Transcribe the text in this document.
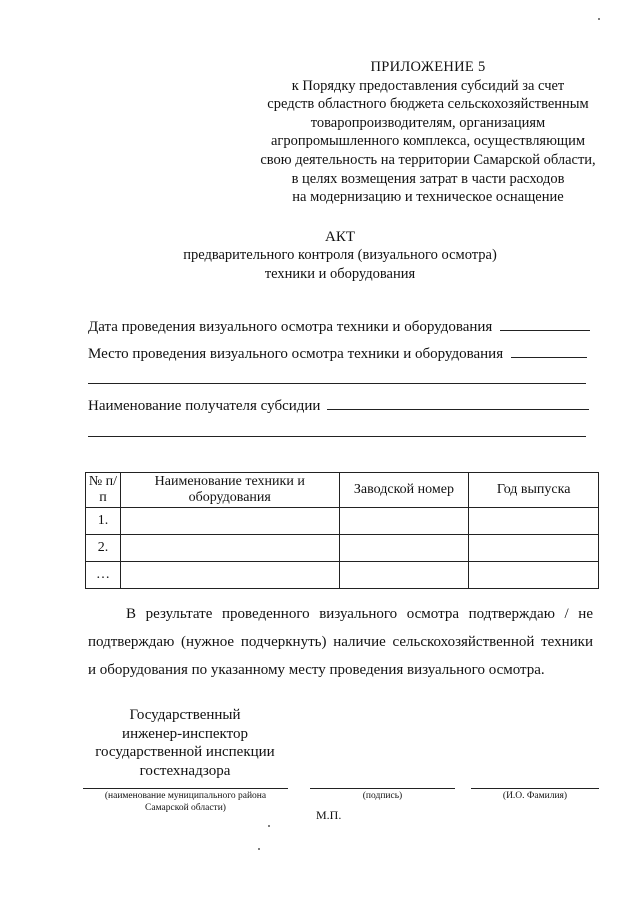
ПРИЛОЖЕНИЕ 5
к Порядку предоставления субсидий за счет
средств областного бюджета сельскохозяйственным
товаропроизводителям, организациям
агропромышленного комплекса, осуществляющим
свою деятельность на территории Самарской области,
в целях возмещения затрат в части расходов
на модернизацию и техническое оснащение
АКТ
предварительного контроля (визуального осмотра)
техники и оборудования
Дата проведения визуального осмотра техники и оборудования
Место проведения визуального осмотра техники и оборудования
Наименование получателя субсидии
№ п/п	Наименование техники и оборудования	Заводской номер	Год выпуска
1.			
2.			
…			
В результате проведенного визуального осмотра подтверждаю / не
подтверждаю (нужное подчеркнуть) наличие сельскохозяйственной техники
и оборудования по указанному месту проведения визуального осмотра.
Государственный
инженер-инспектор
государственной инспекции
гостехнадзора
(наименование муниципального района Самарской области)
(подпись)	(И.О. Фамилия)
М.П.
